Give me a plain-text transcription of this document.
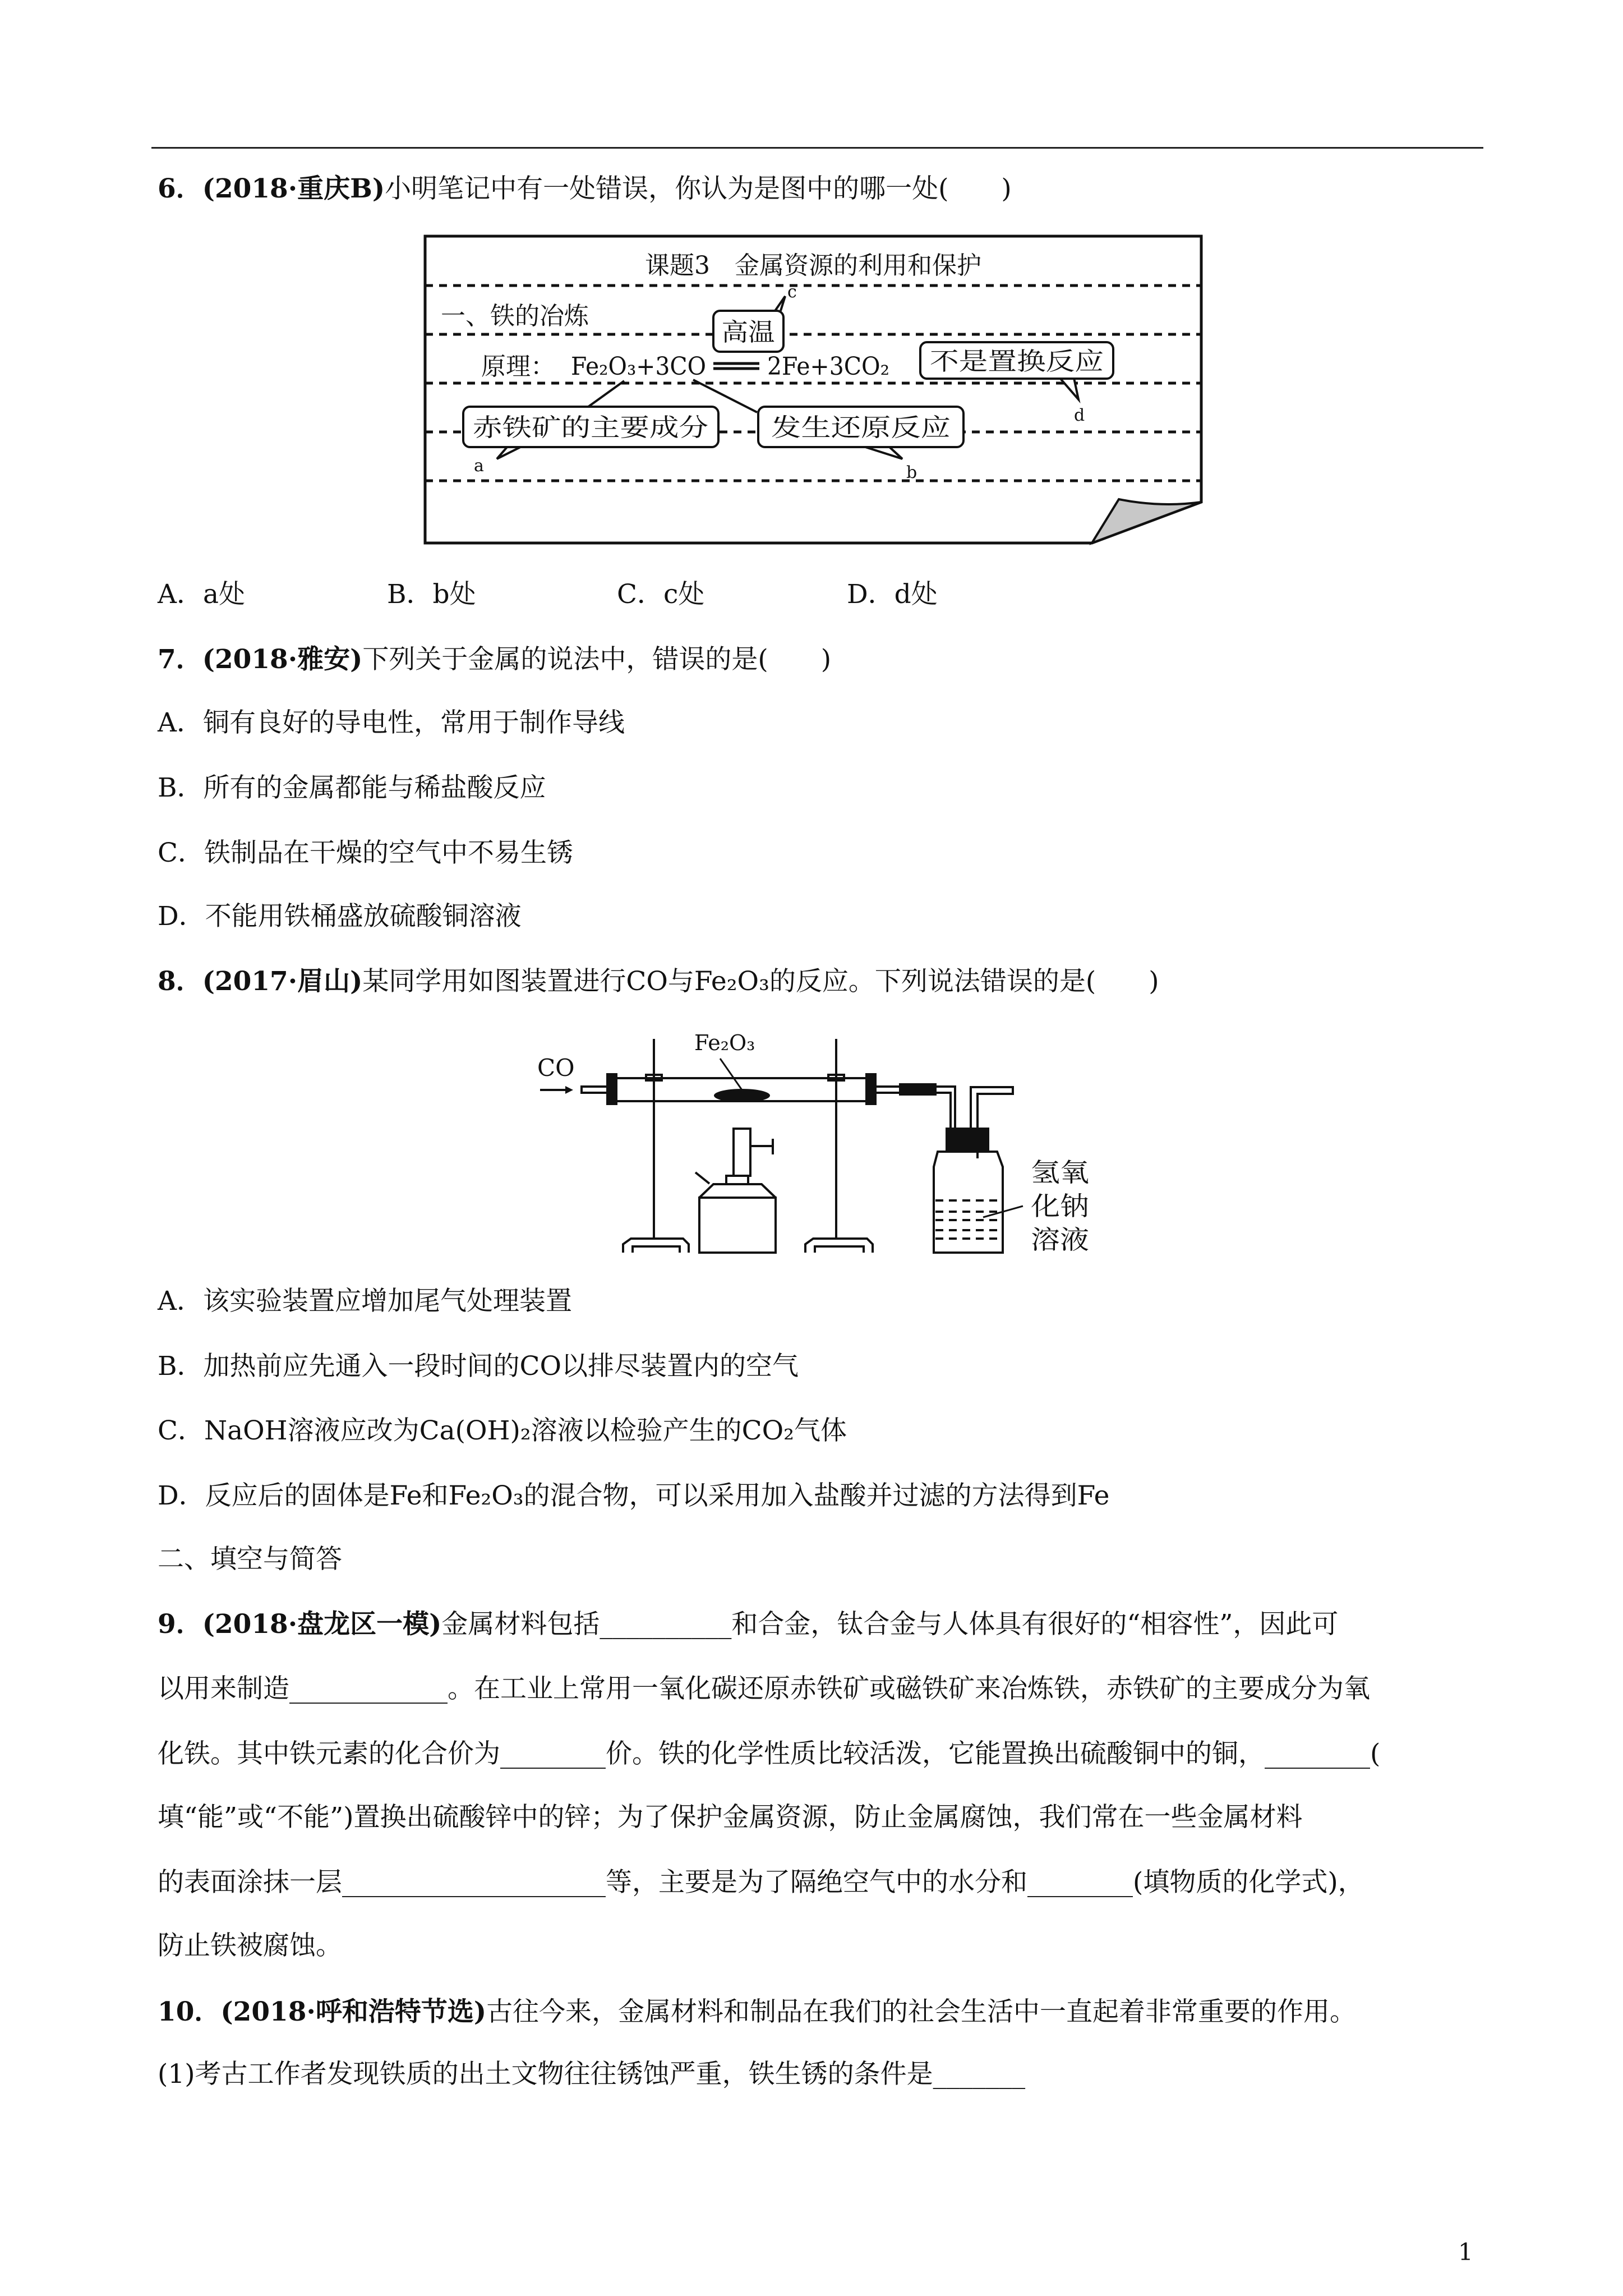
6．(2018·重庆B)小明笔记中有一处错误，你认为是图中的哪一处(　　)
课题3　金属资源的利用和保护
一、铁的冶炼
原理： Fe₂O₃+3CO 2Fe+3CO₂
高温
c
不是置换反应
d
赤铁矿的主要成分
a
发生还原反应
b
A．a处	B．b处	C．c处	D．d处
7．(2018·雅安)下列关于金属的说法中，错误的是(　　)
A．铜有良好的导电性，常用于制作导线
B．所有的金属都能与稀盐酸反应
C．铁制品在干燥的空气中不易生锈
D．不能用铁桶盛放硫酸铜溶液
8．(2017·眉山)某同学用如图装置进行CO与Fe₂O₃的反应。下列说法错误的是(　　)
CO
Fe₂O₃
氢氧
化钠
溶液
A．该实验装置应增加尾气处理装置
B．加热前应先通入一段时间的CO以排尽装置内的空气
C．NaOH溶液应改为Ca(OH)₂溶液以检验产生的CO₂气体
D．反应后的固体是Fe和Fe₂O₃的混合物，可以采用加入盐酸并过滤的方法得到Fe
二、填空与简答
9．(2018·盘龙区一模)金属材料包括__________和合金，钛合金与人体具有很好的“相容性”，因此可
以用来制造____________。在工业上常用一氧化碳还原赤铁矿或磁铁矿来冶炼铁，赤铁矿的主要成分为氧
化铁。其中铁元素的化合价为________价。铁的化学性质比较活泼，它能置换出硫酸铜中的铜，________(
填“能”或“不能”)置换出硫酸锌中的锌；为了保护金属资源，防止金属腐蚀，我们常在一些金属材料
的表面涂抹一层____________________等，主要是为了隔绝空气中的水分和________(填物质的化学式)，
防止铁被腐蚀。
10．(2018·呼和浩特节选)古往今来，金属材料和制品在我们的社会生活中一直起着非常重要的作用。
(1)考古工作者发现铁质的出土文物往往锈蚀严重，铁生锈的条件是_______
1
